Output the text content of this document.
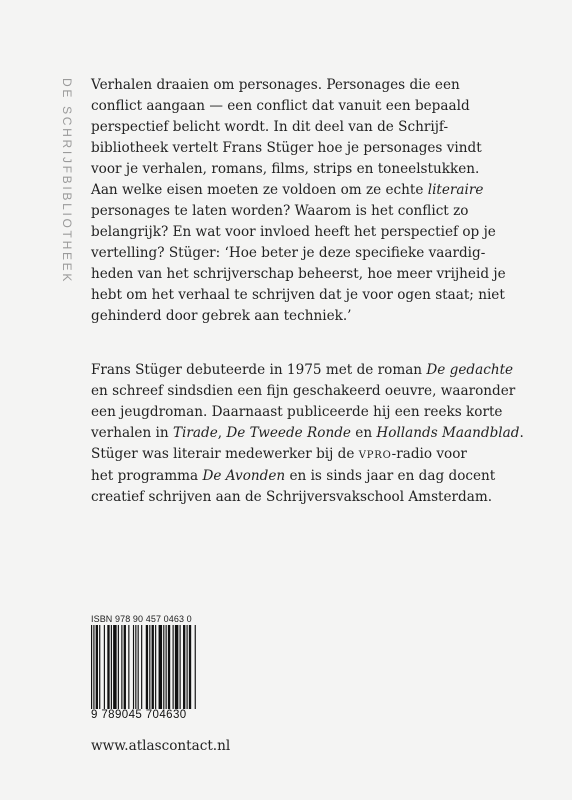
DE SCHRIJFBIBLIOTHEEK Verhalen draaien om personages. Personages die een
conflict aangaan — een conflict dat vanuit een bepaald
perspectief belicht wordt. In dit deel van de Schrijf-
bibliotheek vertelt Frans Stüger hoe je personages vindt
voor je verhalen, romans, films, strips en toneelstukken.
Aan welke eisen moeten ze voldoen om ze echte literaire
personages te laten worden? Waarom is het conflict zo
belangrijk? En wat voor invloed heeft het perspectief op je
vertelling? Stüger: ‘Hoe beter je deze specifieke vaardig-
heden van het schrijverschap beheerst, hoe meer vrijheid je
hebt om het verhaal te schrijven dat je voor ogen staat; niet
gehinderd door gebrek aan techniek.’
Frans Stüger debuteerde in 1975 met de roman De gedachte
en schreef sindsdien een fijn geschakeerd oeuvre, waaronder
een jeugdroman. Daarnaast publiceerde hij een reeks korte
verhalen in Tirade, De Tweede Ronde en Hollands Maandblad.
Stüger was literair medewerker bij de VPRO-radio voor
het programma De Avonden en is sinds jaar en dag docent
creatief schrijven aan de Schrijversvakschool Amsterdam.
ISBN 978 90 457 0463 0
9 789045 704630
www.atlascontact.nl
